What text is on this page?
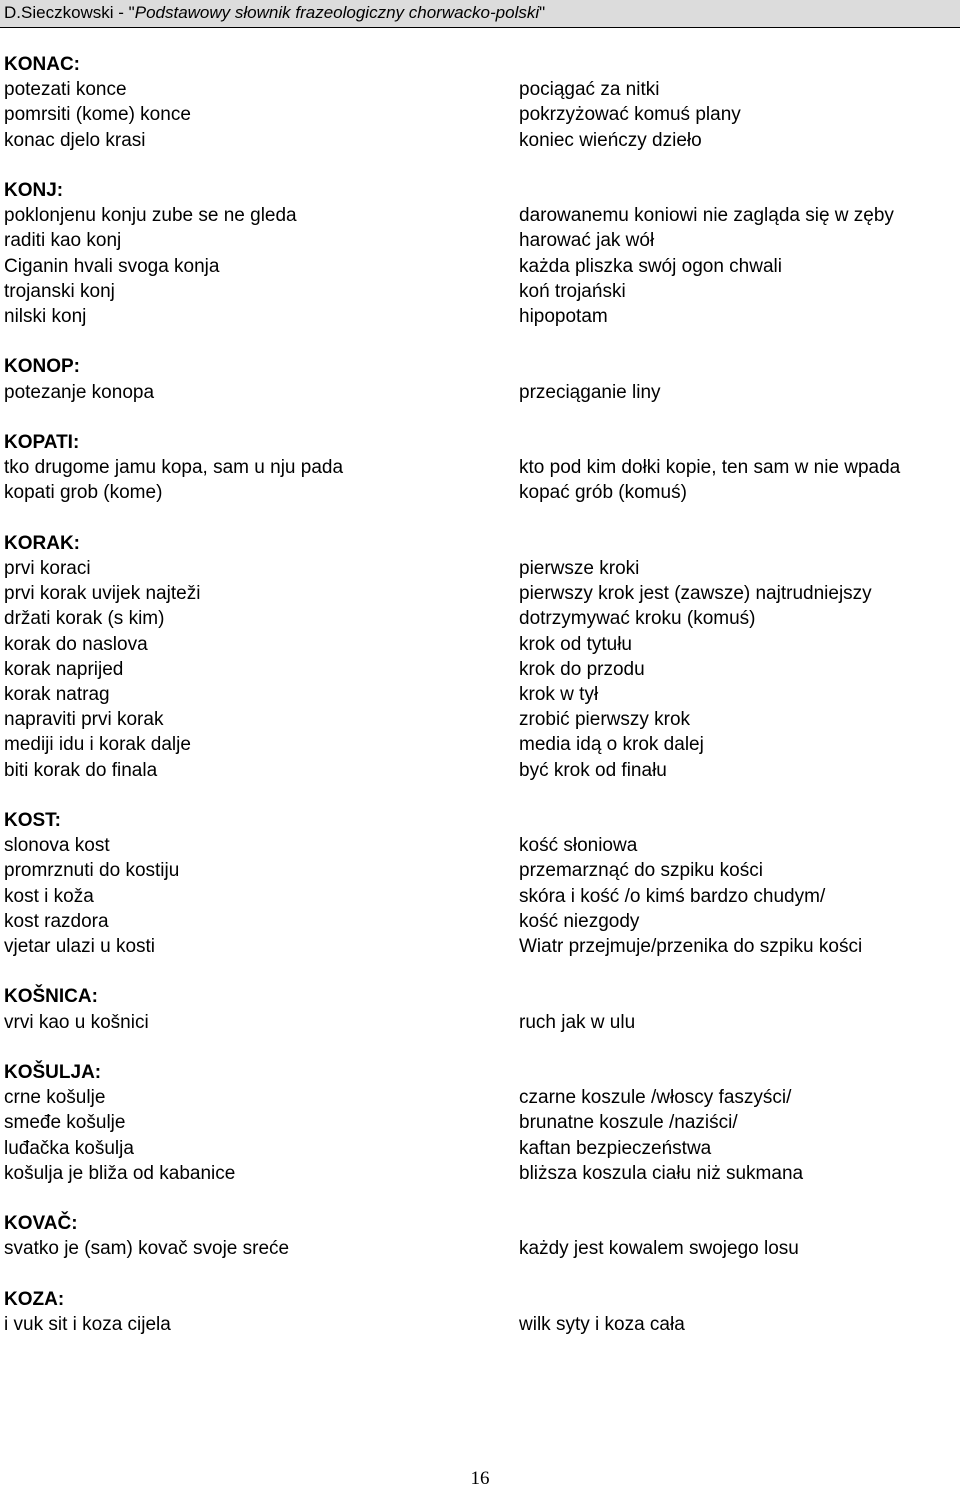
D.Sieczkowski - "Podstawowy słownik frazeologiczny chorwacko-polski"
KONAC:
potezati konce	pociągać za nitki
pomrsiti (kome) konce	pokrzyżować komuś plany
konac djelo krasi	koniec wieńczy dzieło
KONJ:
poklonjenu konju zube se ne gleda	darowanemu koniowi nie zagląda się w zęby
raditi kao konj	harować jak wół
Ciganin hvali svoga konja	każda pliszka swój ogon chwali
trojanski konj	koń trojański
nilski konj	hipopotam
KONOP:
potezanje konopa	przeciąganie liny
KOPATI:
tko drugome jamu kopa, sam u nju pada	kto pod kim dołki kopie, ten sam w nie wpada
kopati grob (kome)	kopać grób (komuś)
KORAK:
prvi koraci	pierwsze kroki
prvi korak uvijek najteži	pierwszy krok jest (zawsze) najtrudniejszy
držati korak (s kim)	dotrzymywać kroku (komuś)
korak do naslova	krok od tytułu
korak naprijed	krok do przodu
korak natrag	krok w tył
napraviti prvi korak	zrobić pierwszy krok
mediji idu i korak dalje	media idą o krok dalej
biti korak do finala	być krok od finału
KOST:
slonova kost	kość słoniowa
promrznuti do kostiju	przemarznąć do szpiku kości
kost i koža	skóra i kość /o kimś bardzo chudym/
kost razdora	kość niezgody
vjetar ulazi u kosti	Wiatr przejmuje/przenika do szpiku kości
KOŠNICA:
vrvi kao u košnici	ruch jak w ulu
KOŠULJA:
crne košulje	czarne koszule /włoscy faszyści/
smeđe košulje	brunatne koszule /naziści/
luđačka košulja	kaftan bezpieczeństwa
košulja je bliža od kabanice	bliższa koszula ciału niż sukmana
KOVAČ:
svatko je (sam) kovač svoje sreće	każdy jest kowalem swojego losu
KOZA:
i vuk sit i koza cijela	wilk syty i koza cała
16
